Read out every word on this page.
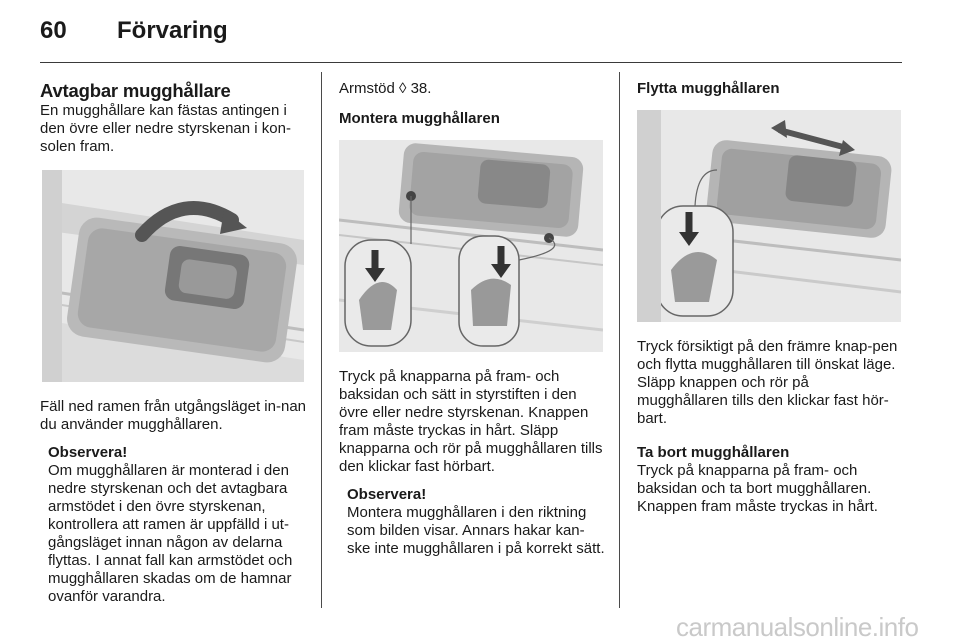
60 Förvaring
Avtagbar mugghållare

En mugghållare kan fästas antingen i den övre eller nedre styrskenan i kon-solen fram.

Fäll ned ramen från utgångsläget in-nan du använder mugghållaren.

Observera!

Om mugghållaren är monterad i den nedre styrskenan och det avtagbara armstödet i den övre styrskenan, kontrollera att ramen är uppfälld i ut-gångsläget innan någon av delarna flyttas. I annat fall kan armstödet och mugghållaren skadas om de hamnar ovanför varandra.

Armstöd ◊ 38.

Montera mugghållaren

Tryck på knapparna på fram- och baksidan och sätt in styrstiften i den övre eller nedre styrskenan. Knappen fram måste tryckas in hårt. Släpp knapparna och rör på mugghållaren tills den klickar fast hörbart.

Observera!

Montera mugghållaren i den riktning som bilden visar. Annars hakar kan-ske inte mugghållaren i på korrekt sätt.

Flytta mugghållaren

Tryck försiktigt på den främre knap-pen och flytta mugghållaren till önskat läge. Släpp knappen och rör på mugghållaren tills den klickar fast hör-bart.

Ta bort mugghållaren

Tryck på knapparna på fram- och baksidan och ta bort mugghållaren. Knappen fram måste tryckas in hårt.

carmanualsonline.info
